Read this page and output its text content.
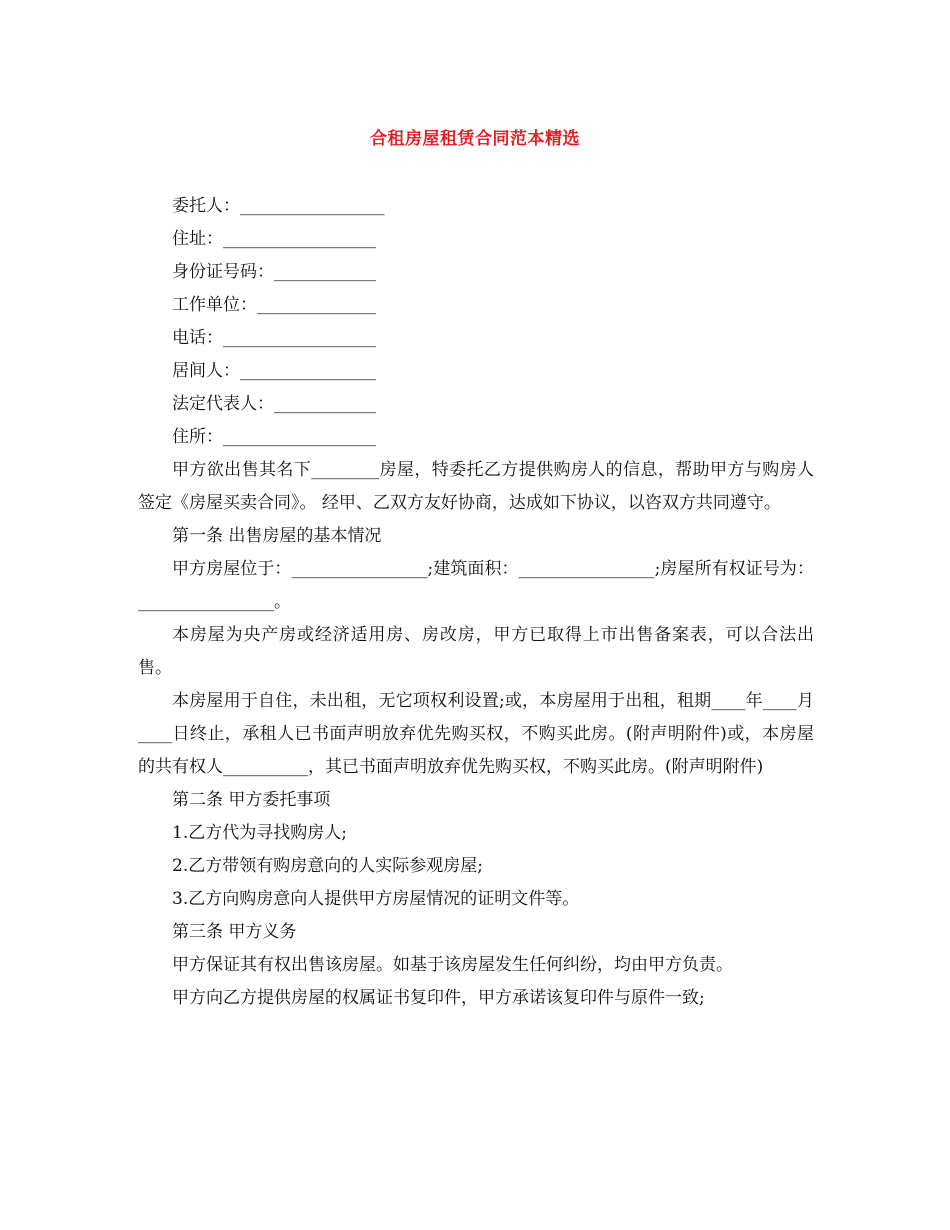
合租房屋租赁合同范本精选

委托人：_________________

住址：__________________

身份证号码：____________

工作单位：______________

电话：__________________

居间人：________________

法定代表人：____________

住所：__________________

甲方欲出售其名下________房屋，特委托乙方提供购房人的信息，帮助甲方与购房人签定《房屋买卖合同》。 经甲、乙双方友好协商，达成如下协议，以咨双方共同遵守。

第一条 出售房屋的基本情况

甲方房屋位于：________________;建筑面积：________________;房屋所有权证号为：________________。

本房屋为央产房或经济适用房、房改房，甲方已取得上市出售备案表，可以合法出售。

本房屋用于自住，未出租，无它项权利设置;或，本房屋用于出租，租期____年____月____日终止，承租人已书面声明放弃优先购买权，不购买此房。(附声明附件)或，本房屋的共有权人__________，其已书面声明放弃优先购买权，不购买此房。(附声明附件)

第二条 甲方委托事项

1.乙方代为寻找购房人;

2.乙方带领有购房意向的人实际参观房屋;

3.乙方向购房意向人提供甲方房屋情况的证明文件等。

第三条 甲方义务

甲方保证其有权出售该房屋。如基于该房屋发生任何纠纷，均由甲方负责。

甲方向乙方提供房屋的权属证书复印件，甲方承诺该复印件与原件一致;
